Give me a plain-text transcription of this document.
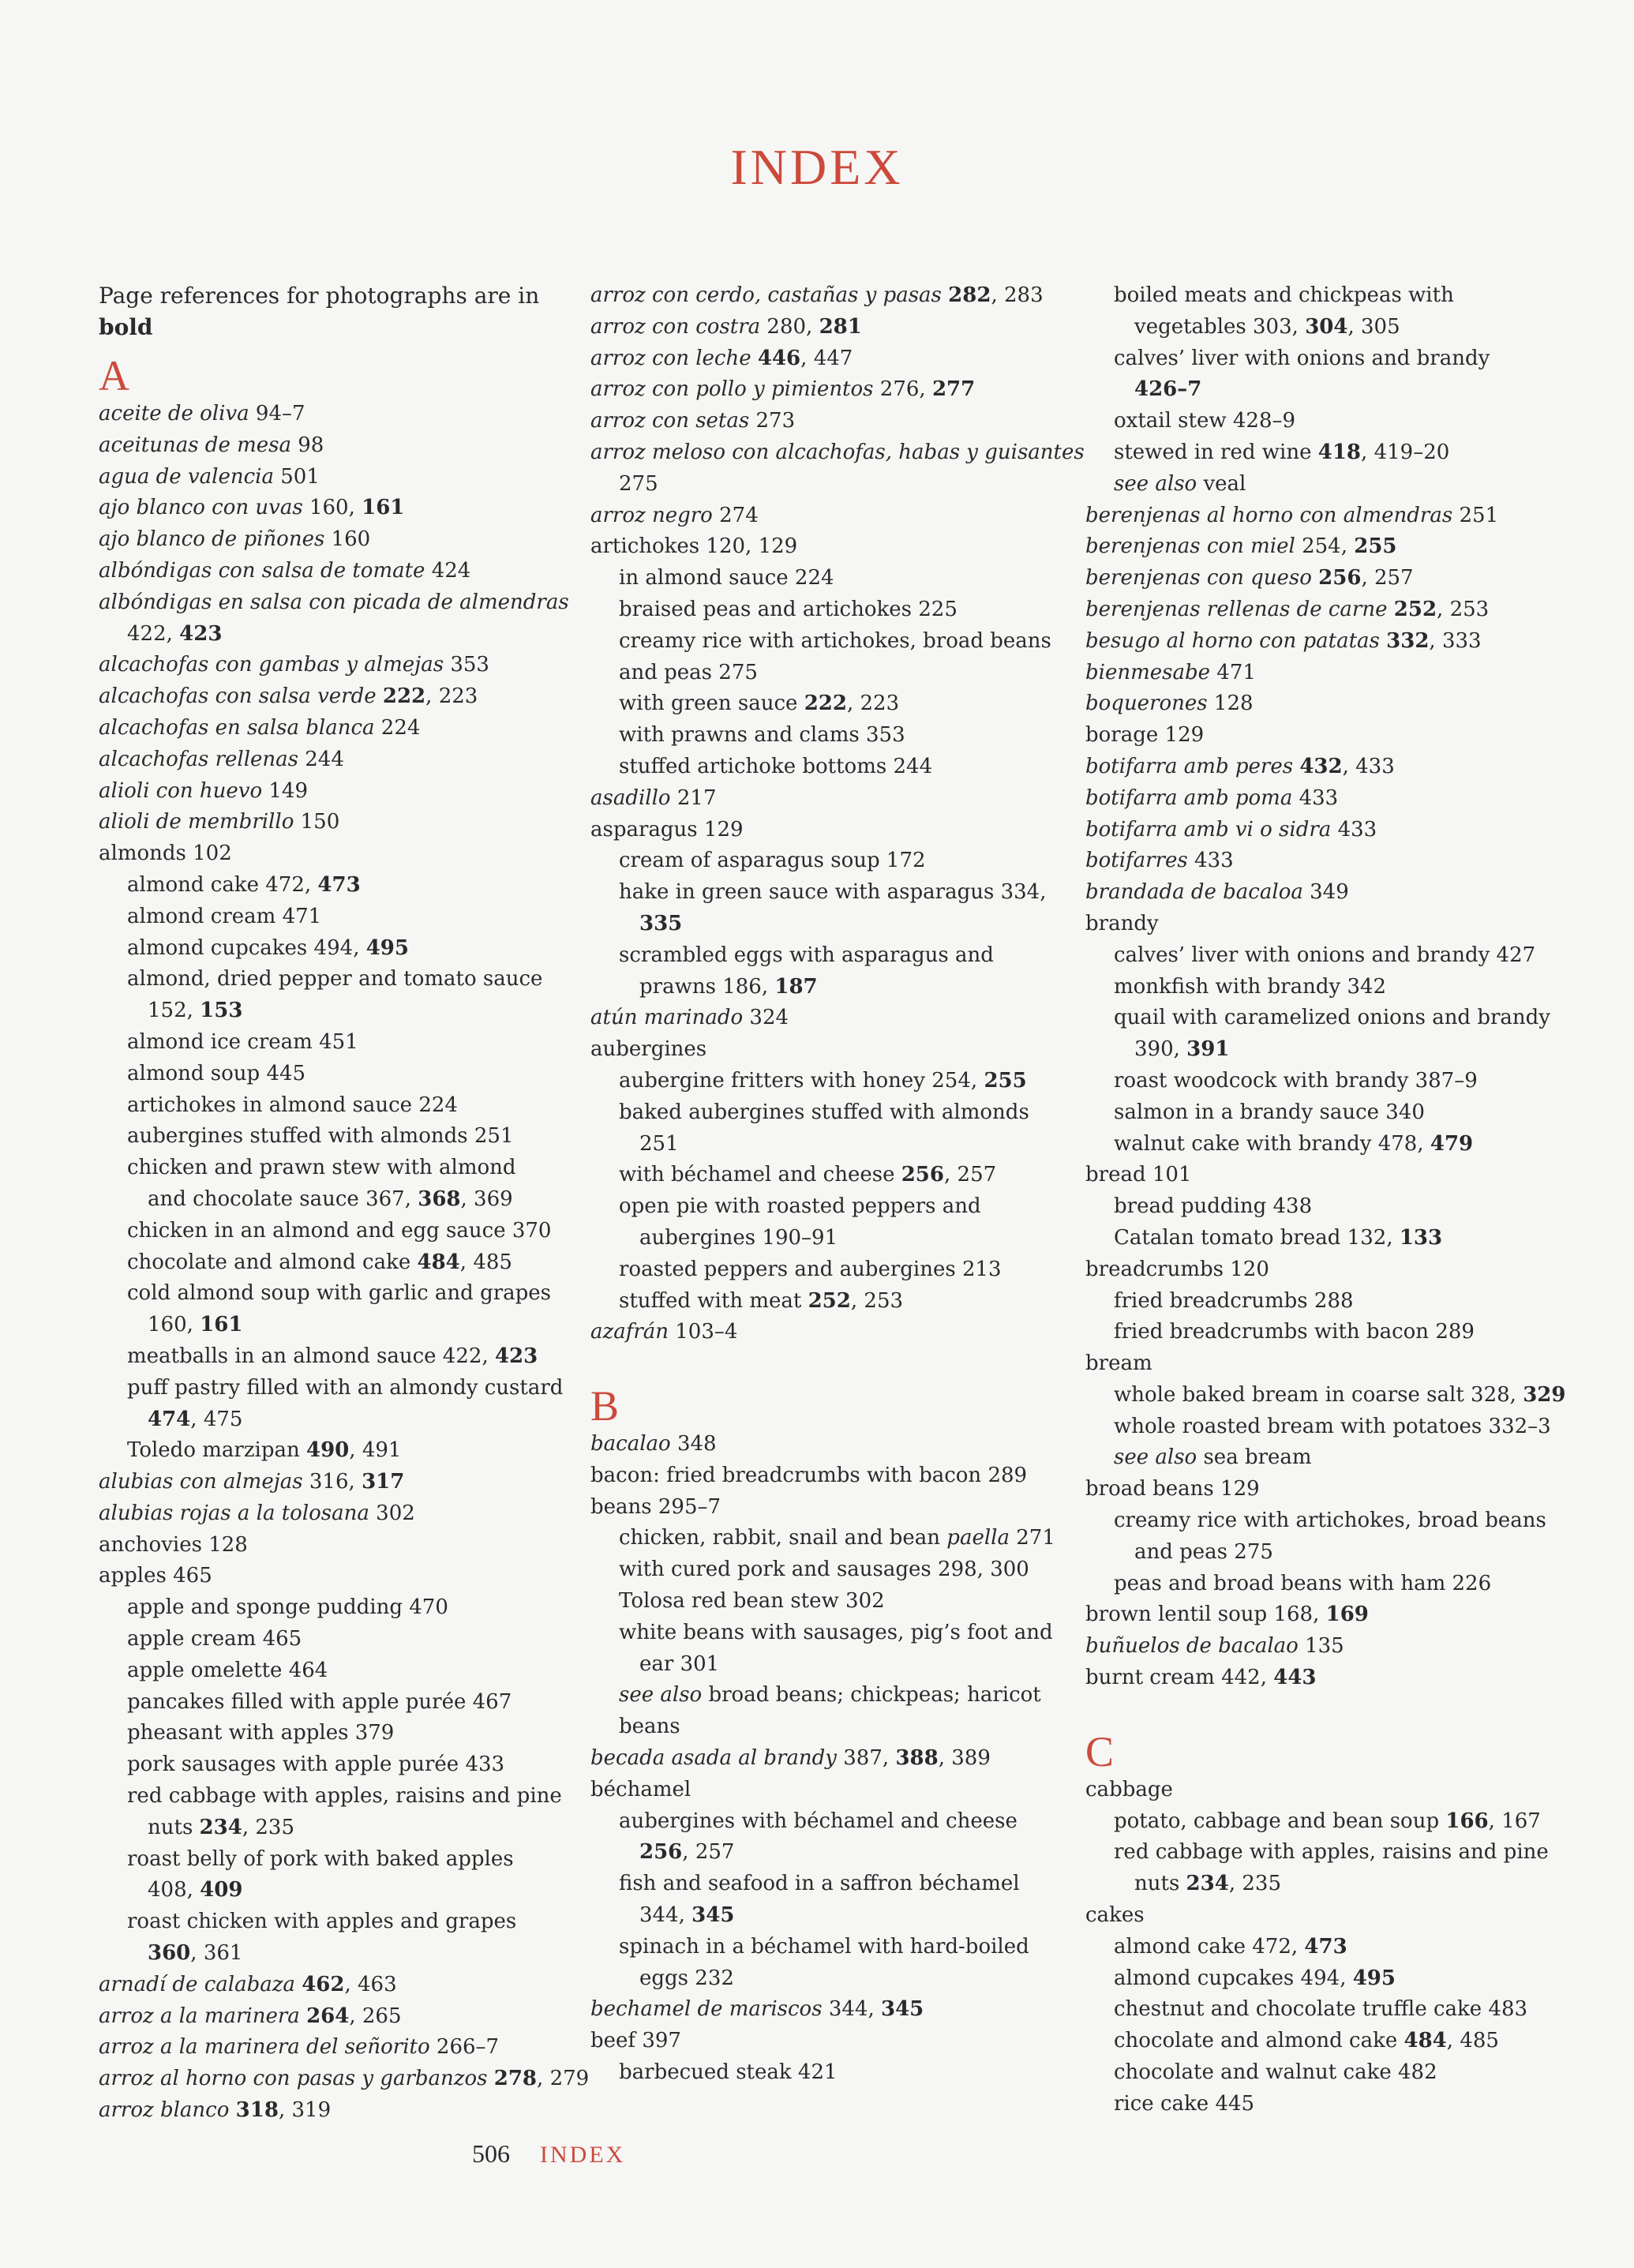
INDEX

Page references for photographs are in bold

A

aceite de oliva 94–7

aceitunas de mesa 98

agua de valencia 501

ajo blanco con uvas 160, 161

ajo blanco de piñones 160

albóndigas con salsa de tomate 424

albóndigas en salsa con picada de almendras

422, 423

alcachofas con gambas y almejas 353

alcachofas con salsa verde 222, 223

alcachofas en salsa blanca 224

alcachofas rellenas 244

alioli con huevo 149

alioli de membrillo 150

almonds 102

almond cake 472, 473

almond cream 471

almond cupcakes 494, 495

almond, dried pepper and tomato sauce

152, 153

almond ice cream 451

almond soup 445

artichokes in almond sauce 224

aubergines stuffed with almonds 251

chicken and prawn stew with almond

and chocolate sauce 367, 368, 369

chicken in an almond and egg sauce 370

chocolate and almond cake 484, 485

cold almond soup with garlic and grapes

160, 161

meatballs in an almond sauce 422, 423

puff pastry filled with an almondy custard

474, 475

Toledo marzipan 490, 491

alubias con almejas 316, 317

alubias rojas a la tolosana 302

anchovies 128

apples 465

apple and sponge pudding 470

apple cream 465

apple omelette 464

pancakes filled with apple purée 467

pheasant with apples 379

pork sausages with apple purée 433

red cabbage with apples, raisins and pine

nuts 234, 235

roast belly of pork with baked apples

408, 409

roast chicken with apples and grapes

360, 361

arnadí de calabaza 462, 463

arroz a la marinera 264, 265

arroz a la marinera del señorito 266–7

arroz al horno con pasas y garbanzos 278, 279

arroz blanco 318, 319

arroz con cerdo, castañas y pasas 282, 283

arroz con costra 280, 281

arroz con leche 446, 447

arroz con pollo y pimientos 276, 277

arroz con setas 273

arroz meloso con alcachofas, habas y guisantes

275

arroz negro 274

artichokes 120, 129

in almond sauce 224

braised peas and artichokes 225

creamy rice with artichokes, broad beans

and peas 275

with green sauce 222, 223

with prawns and clams 353

stuffed artichoke bottoms 244

asadillo 217

asparagus 129

cream of asparagus soup 172

hake in green sauce with asparagus 334,

335

scrambled eggs with asparagus and

prawns 186, 187

atún marinado 324

aubergines

aubergine fritters with honey 254, 255

baked aubergines stuffed with almonds

251

with béchamel and cheese 256, 257

open pie with roasted peppers and

aubergines 190–91

roasted peppers and aubergines 213

stuffed with meat 252, 253

azafrán 103–4

B

bacalao 348

bacon: fried breadcrumbs with bacon 289

beans 295–7

chicken, rabbit, snail and bean paella 271

with cured pork and sausages 298, 300

Tolosa red bean stew 302

white beans with sausages, pig’s foot and

ear 301

see also broad beans; chickpeas; haricot

beans

becada asada al brandy 387, 388, 389

béchamel

aubergines with béchamel and cheese

256, 257

fish and seafood in a saffron béchamel

344, 345

spinach in a béchamel with hard-boiled

eggs 232

bechamel de mariscos 344, 345

beef 397

barbecued steak 421

boiled meats and chickpeas with

vegetables 303, 304, 305

calves’ liver with onions and brandy

426–7

oxtail stew 428–9

stewed in red wine 418, 419–20

see also veal

berenjenas al horno con almendras 251

berenjenas con miel 254, 255

berenjenas con queso 256, 257

berenjenas rellenas de carne 252, 253

besugo al horno con patatas 332, 333

bienmesabe 471

boquerones 128

borage 129

botifarra amb peres 432, 433

botifarra amb poma 433

botifarra amb vi o sidra 433

botifarres 433

brandada de bacaloa 349

brandy

calves’ liver with onions and brandy 427

monkfish with brandy 342

quail with caramelized onions and brandy

390, 391

roast woodcock with brandy 387–9

salmon in a brandy sauce 340

walnut cake with brandy 478, 479

bread 101

bread pudding 438

Catalan tomato bread 132, 133

breadcrumbs 120

fried breadcrumbs 288

fried breadcrumbs with bacon 289

bream

whole baked bream in coarse salt 328, 329

whole roasted bream with potatoes 332–3

see also sea bream

broad beans 129

creamy rice with artichokes, broad beans

and peas 275

peas and broad beans with ham 226

brown lentil soup 168, 169

buñuelos de bacalao 135

burnt cream 442, 443

C

cabbage

potato, cabbage and bean soup 166, 167

red cabbage with apples, raisins and pine

nuts 234, 235

cakes

almond cake 472, 473

almond cupcakes 494, 495

chestnut and chocolate truffle cake 483

chocolate and almond cake 484, 485

chocolate and walnut cake 482

rice cake 445

506 INDEX
